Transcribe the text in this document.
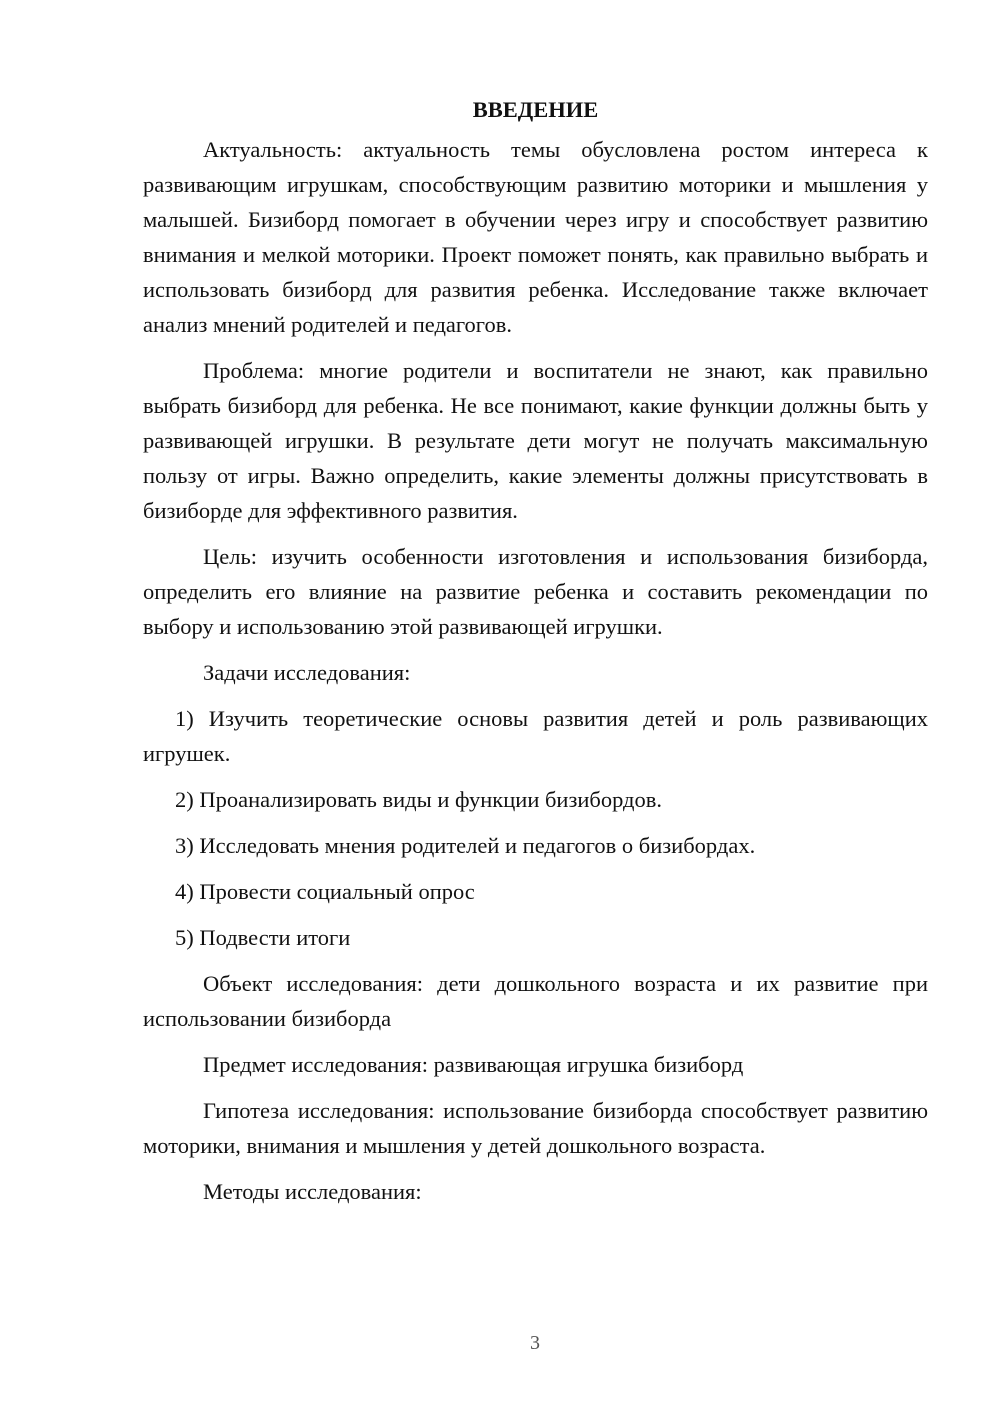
ВВЕДЕНИЕ

Актуальность: актуальность темы обусловлена ростом интереса к развивающим игрушкам, способствующим развитию моторики и мышления у малышей. Бизиборд помогает в обучении через игру и способствует развитию внимания и мелкой моторики. Проект поможет понять, как правильно выбрать и использовать бизиборд для развития ребенка. Исследование также включает анализ мнений родителей и педагогов.

Проблема: многие родители и воспитатели не знают, как правильно выбрать бизиборд для ребенка. Не все понимают, какие функции должны быть у развивающей игрушки. В результате дети могут не получать максимальную пользу от игры. Важно определить, какие элементы должны присутствовать в бизиборде для эффективного развития.

Цель: изучить особенности изготовления и использования бизиборда, определить его влияние на развитие ребенка и составить рекомендации по выбору и использованию этой развивающей игрушки.

Задачи исследования:

1) Изучить теоретические основы развития детей и роль развивающих игрушек.

2) Проанализировать виды и функции бизибордов.

3) Исследовать мнения родителей и педагогов о бизибордах.

4) Провести социальный опрос

5) Подвести итоги

Объект исследования: дети дошкольного возраста и их развитие при использовании бизиборда

Предмет исследования: развивающая игрушка бизиборд

Гипотеза исследования: использование бизиборда способствует развитию моторики, внимания и мышления у детей дошкольного возраста.

Методы исследования:

3
